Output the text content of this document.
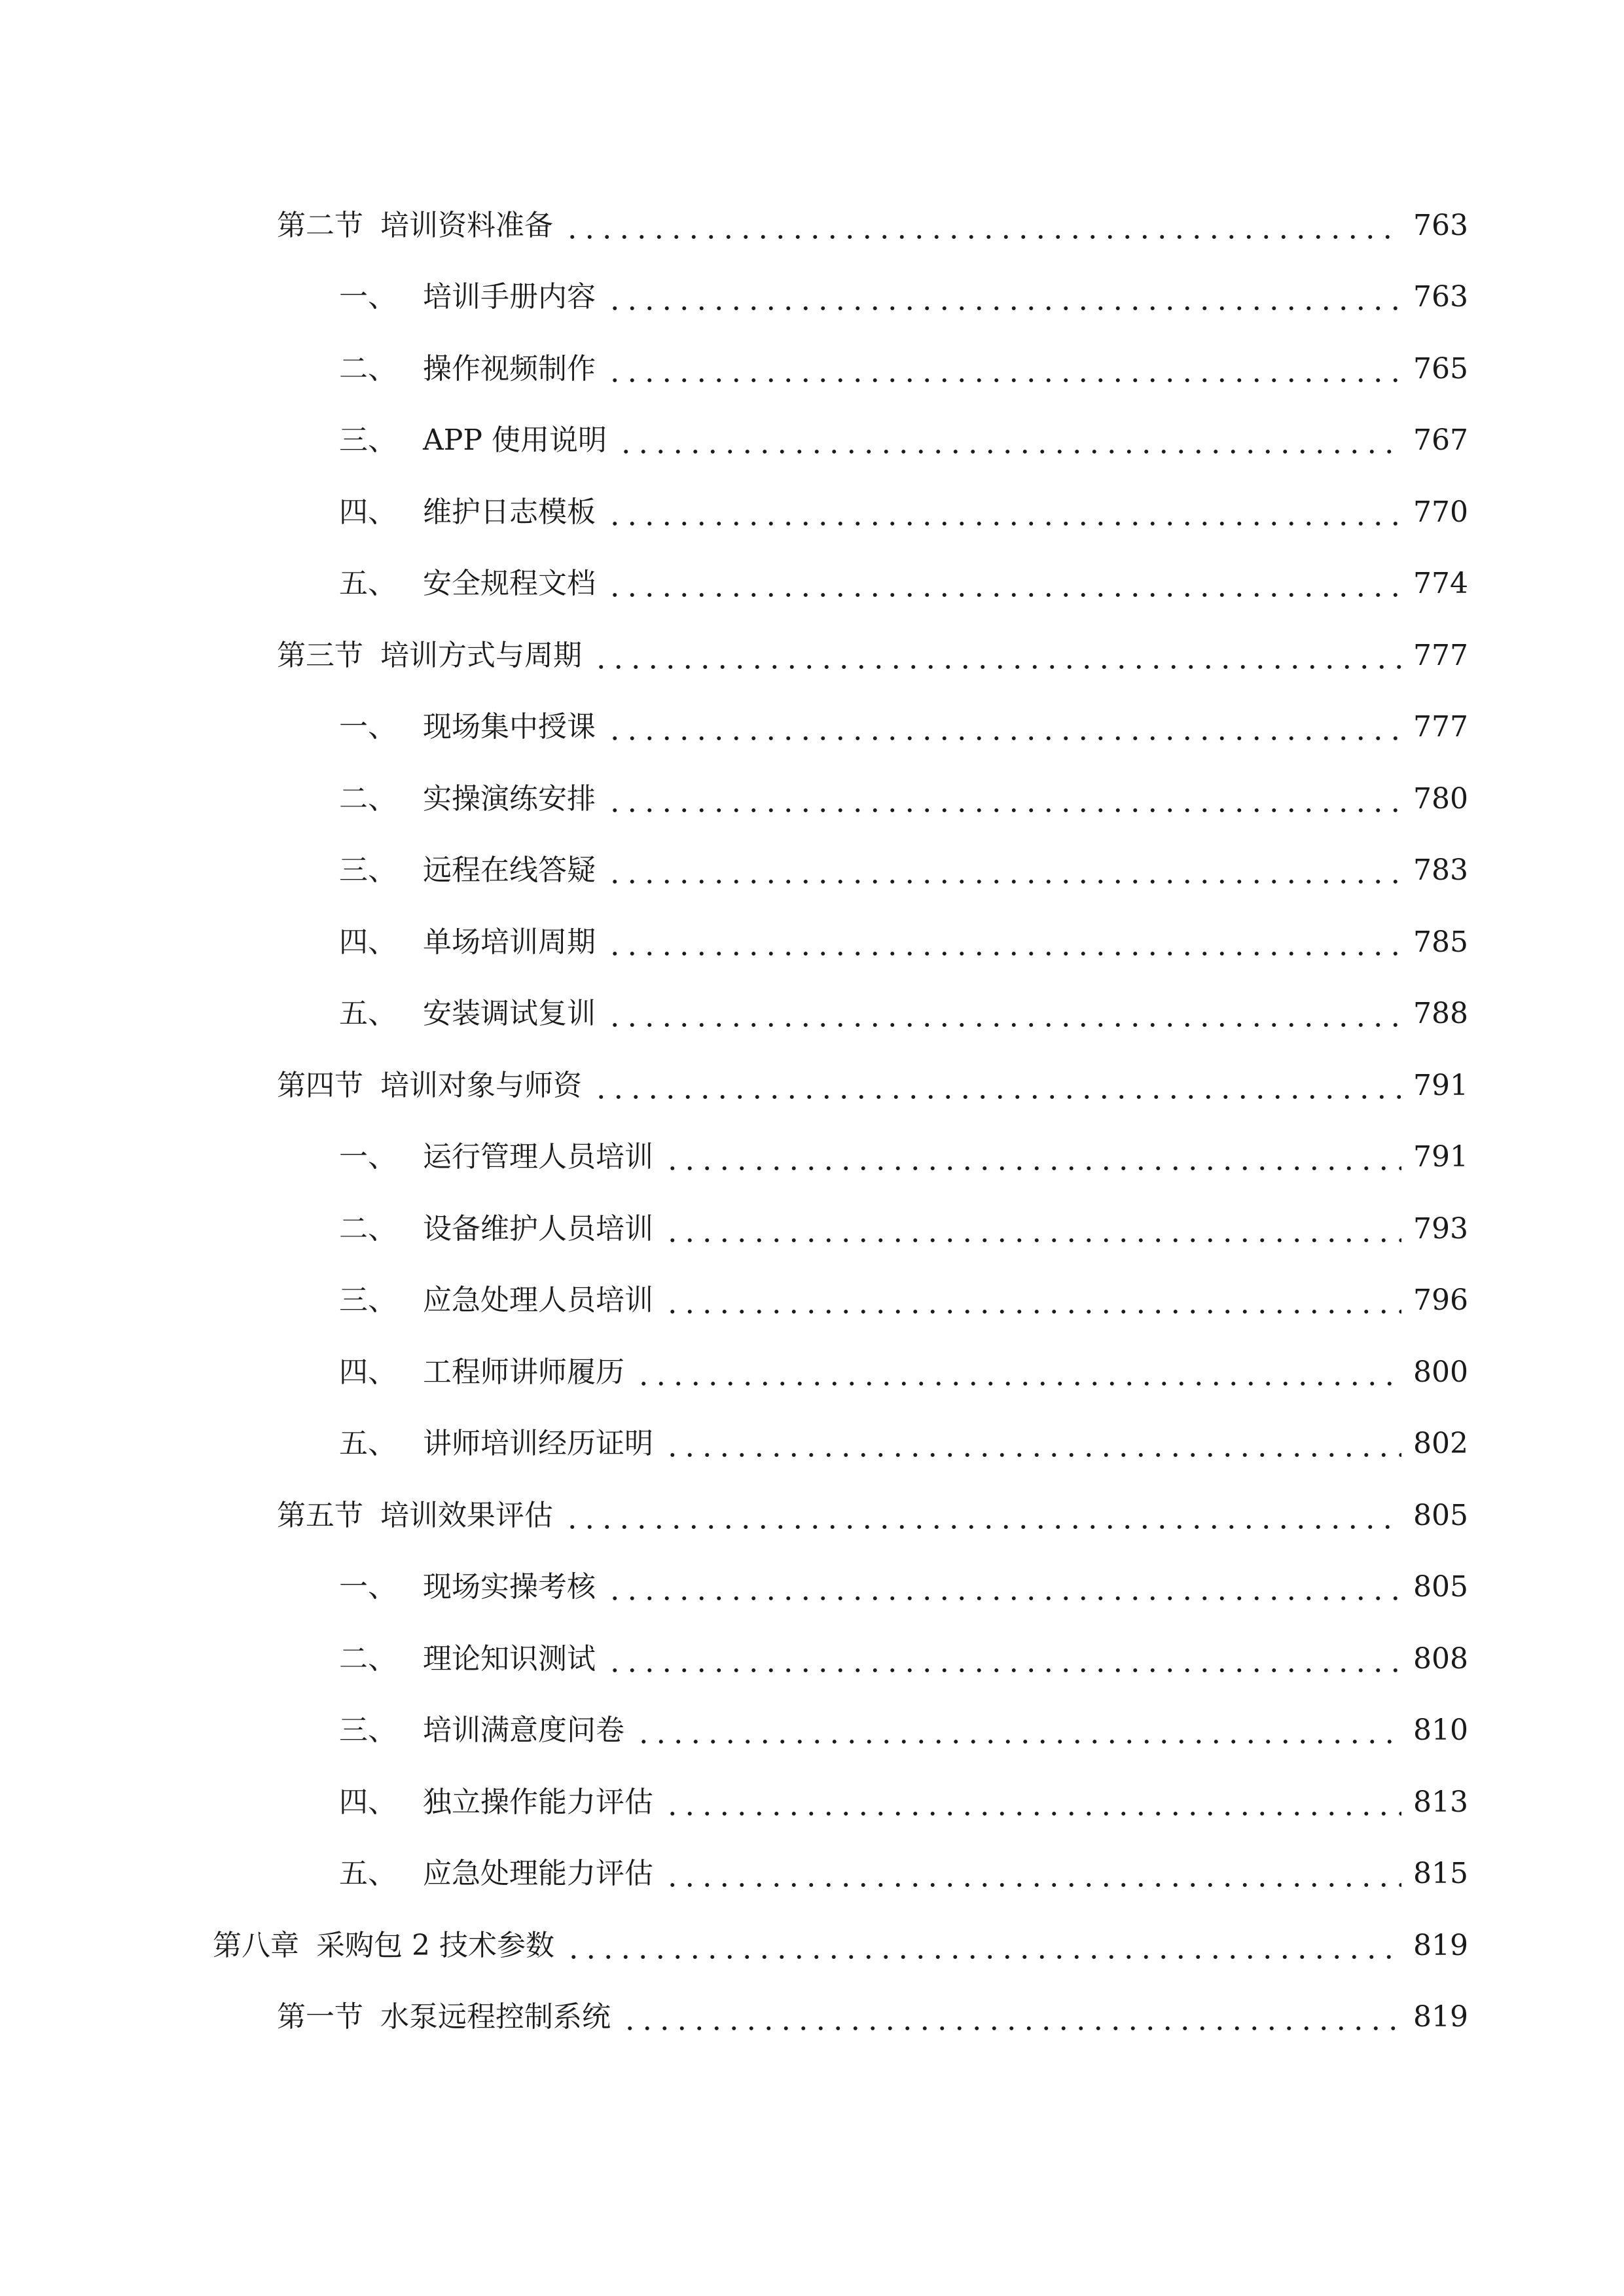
第二节 培训资料准备	763
一、 培训手册内容	763
二、 操作视频制作	765
三、 APP 使用说明	767
四、 维护日志模板	770
五、 安全规程文档	774
第三节 培训方式与周期	777
一、 现场集中授课	777
二、 实操演练安排	780
三、 远程在线答疑	783
四、 单场培训周期	785
五、 安装调试复训	788
第四节 培训对象与师资	791
一、 运行管理人员培训	791
二、 设备维护人员培训	793
三、 应急处理人员培训	796
四、 工程师讲师履历	800
五、 讲师培训经历证明	802
第五节 培训效果评估	805
一、 现场实操考核	805
二、 理论知识测试	808
三、 培训满意度问卷	810
四、 独立操作能力评估	813
五、 应急处理能力评估	815
第八章 采购包 2 技术参数	819
第一节 水泵远程控制系统	819
